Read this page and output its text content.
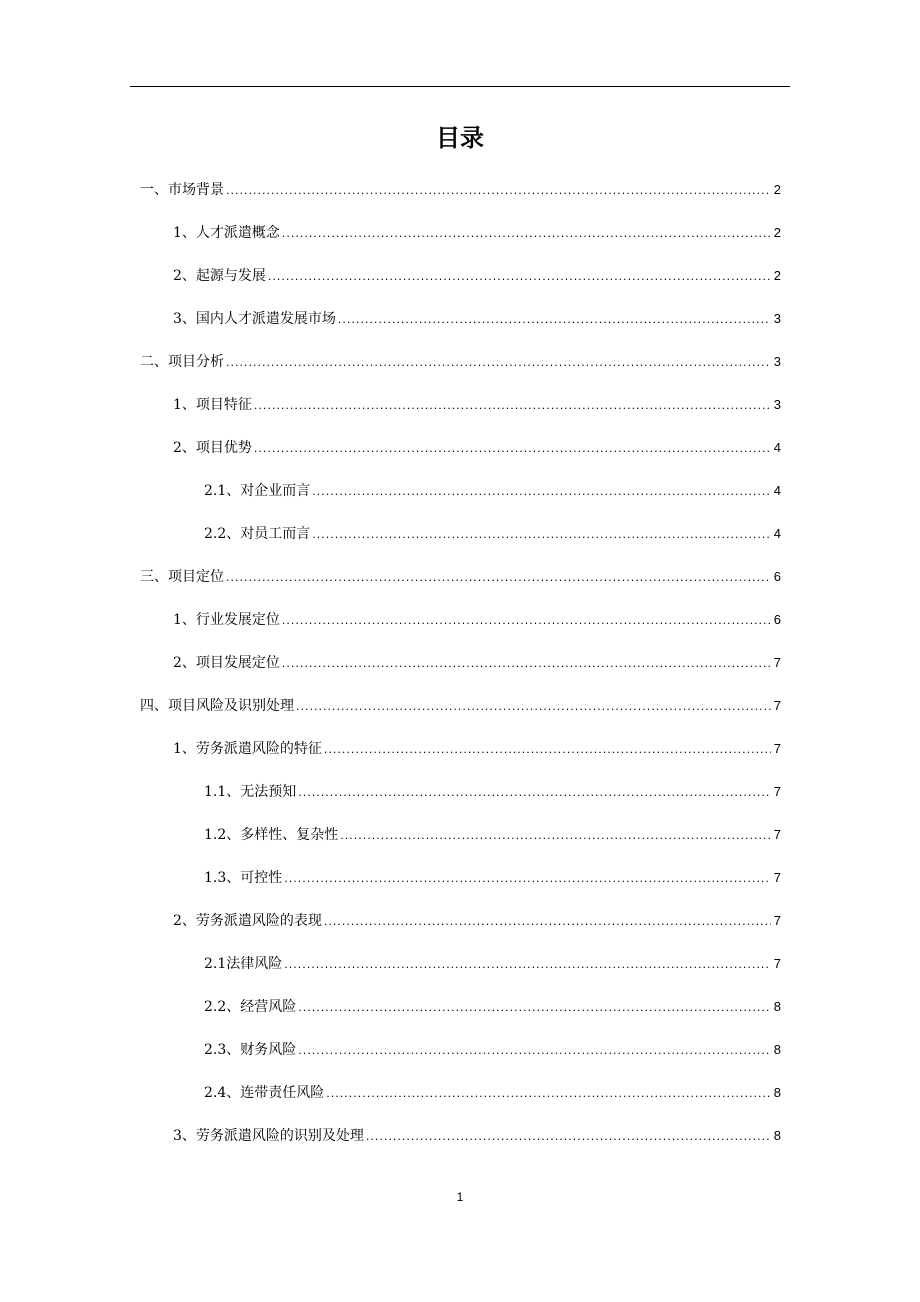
目录
一、 市场背景 .....	2
1、 人才派遣概念 .....	2
2、 起源与发展 .....	2
3、 国内人才派遣发展市场 .....	3
二、 项目分析 .....	3
1、 项目特征 .....	3
2、 项目优势 .....	4
2.1、 对企业而言 .....	4
2.2、 对员工而言 .....	4
三、 项目定位 .....	6
1、 行业发展定位 .....	6
2、 项目发展定位 .....	7
四、 项目风险及识别处理 .....	7
1、 劳务派遣风险的特征 .....	7
1.1、 无法预知 .....	7
1.2、 多样性、复杂性 .....	7
1.3、 可控性 .....	7
2、 劳务派遣风险的表现 .....	7
2.1 法律风险 .....	7
2.2、 经营风险 .....	8
2.3、 财务风险 .....	8
2.4、 连带责任风险 .....	8
3、 劳务派遣风险的识别及处理 .....	8
1
